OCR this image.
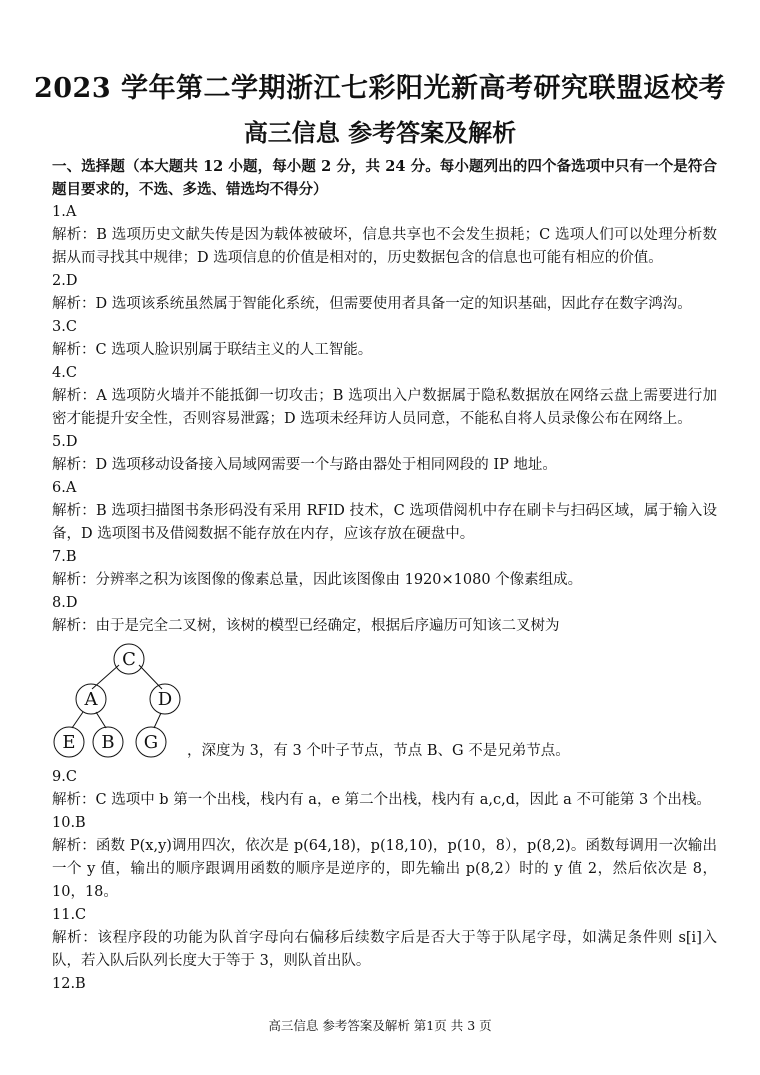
2023 学年第二学期浙江七彩阳光新高考研究联盟返校考
高三信息 参考答案及解析
一、选择题（本大题共 12 小题，每小题 2 分，共 24 分。每小题列出的四个备选项中只有一个是符合题目要求的，不选、多选、错选均不得分）
1.A
解析：B 选项历史文献失传是因为载体被破坏，信息共享也不会发生损耗；C 选项人们可以处理分析数据从而寻找其中规律；D 选项信息的价值是相对的，历史数据包含的信息也可能有相应的价值。
2.D
解析：D 选项该系统虽然属于智能化系统，但需要使用者具备一定的知识基础，因此存在数字鸿沟。
3.C
解析：C 选项人脸识别属于联结主义的人工智能。
4.C
解析：A 选项防火墙并不能抵御一切攻击；B 选项出入户数据属于隐私数据放在网络云盘上需要进行加密才能提升安全性，否则容易泄露；D 选项未经拜访人员同意，不能私自将人员录像公布在网络上。
5.D
解析：D 选项移动设备接入局域网需要一个与路由器处于相同网段的 IP 地址。
6.A
解析：B 选项扫描图书条形码没有采用 RFID 技术，C 选项借阅机中存在刷卡与扫码区域，属于输入设备，D 选项图书及借阅数据不能存放在内存，应该存放在硬盘中。
7.B
解析：分辨率之积为该图像的像素总量，因此该图像由 1920×1080 个像素组成。
8.D
解析：由于是完全二叉树，该树的模型已经确定，根据后序遍历可知该二叉树为
C
A	D
E B G ，深度为 3，有 3 个叶子节点，节点 B、G 不是兄弟节点。
9.C
解析：C 选项中 b 第一个出栈，栈内有 a，e 第二个出栈，栈内有 a,c,d，因此 a 不可能第 3 个出栈。
10.B
解析：函数 P(x,y)调用四次，依次是 p(64,18)，p(18,10)，p(10，8），p(8,2)。函数每调用一次输出一个 y 值，输出的顺序跟调用函数的顺序是逆序的，即先输出 p(8,2）时的 y 值 2，然后依次是 8，10，18。
11.C
解析：该程序段的功能为队首字母向右偏移后续数字后是否大于等于队尾字母，如满足条件则 s[i]入队，若入队后队列长度大于等于 3，则队首出队。
12.B
高三信息 参考答案及解析 第1页 共 3 页
